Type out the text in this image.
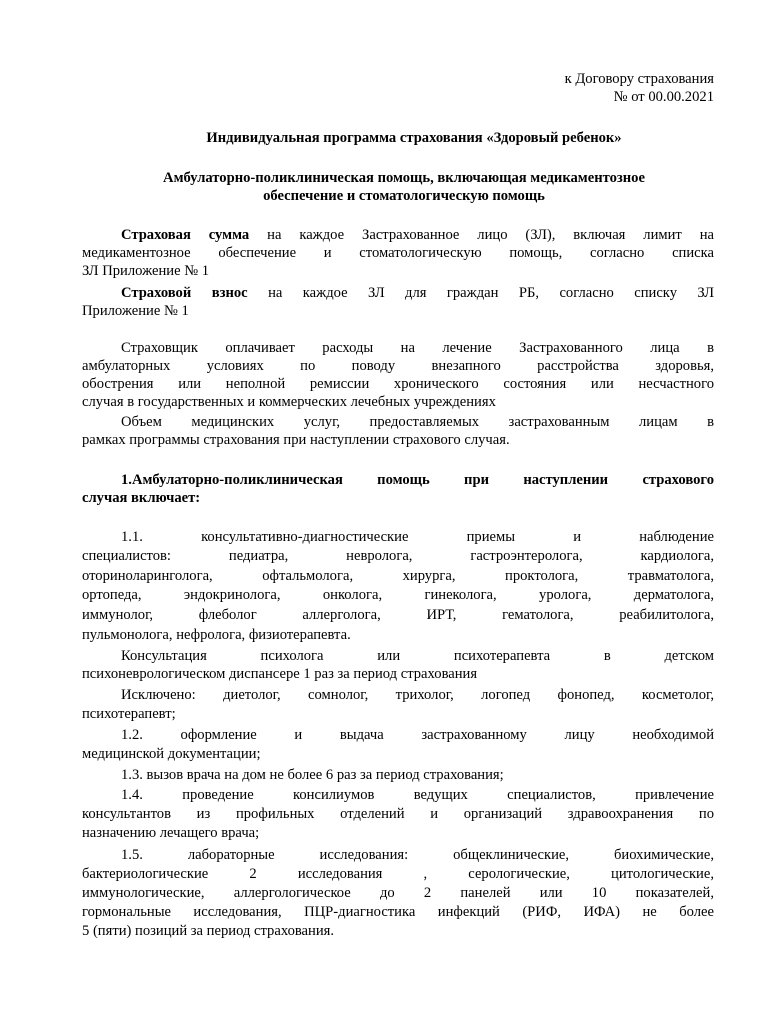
к Договору страхования
№ от 00.00.2021
Индивидуальная программа страхования «Здоровый ребенок»
Амбулаторно-поликлиническая помощь, включающая медикаментозное
обеспечение и стоматологическую помощь
Страховая сумма на каждое Застрахованное лицо (ЗЛ), включая лимит на
медикаментозное обеспечение и стоматологическую помощь, согласно списка
ЗЛ Приложение № 1
Страховой взнос на каждое ЗЛ для граждан РБ, согласно списку ЗЛ
Приложение № 1
Страховщик оплачивает расходы на лечение Застрахованного лица в
амбулаторных условиях по поводу внезапного расстройства здоровья,
обострения или неполной ремиссии хронического состояния или несчастного
случая в государственных и коммерческих лечебных учреждениях
Объем медицинских услуг, предоставляемых застрахованным лицам в
рамках программы страхования при наступлении страхового случая.
1.Амбулаторно-поликлиническая помощь при наступлении страхового
случая включает:
1.1. консультативно-диагностические приемы и наблюдение
специалистов: педиатра, невролога, гастроэнтеролога, кардиолога,
оториноларинголога, офтальмолога, хирурга, проктолога, травматолога,
ортопеда, эндокринолога, онколога, гинеколога, уролога, дерматолога,
иммунолог, флеболог аллерголога, ИРТ, гематолога, реабилитолога,
пульмонолога, нефролога, физиотерапевта.
Консультация психолога или психотерапевта в детском
психоневрологическом диспансере 1 раз за период страхования
Исключено: диетолог, сомнолог, трихолог, логопед фонопед, косметолог,
психотерапевт;
1.2. оформление и выдача застрахованному лицу необходимой
медицинской документации;
1.3. вызов врача на дом не более 6 раз за период страхования;
1.4. проведение консилиумов ведущих специалистов, привлечение
консультантов из профильных отделений и организаций здравоохранения по
назначению лечащего врача;
1.5. лабораторные исследования: общеклинические, биохимические,
бактериологические 2 исследования , серологические, цитологические,
иммунологические, аллергологическое до 2 панелей или 10 показателей,
гормональные исследования, ПЦР-диагностика инфекций (РИФ, ИФА) не более
5 (пяти) позиций за период страхования.
